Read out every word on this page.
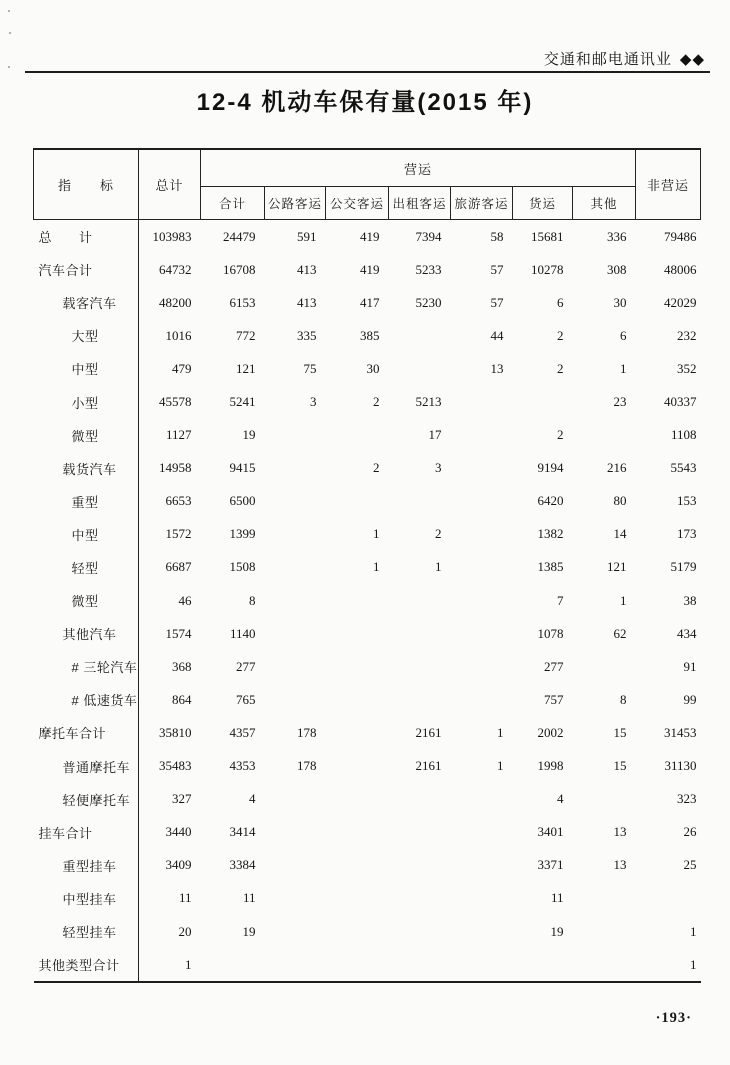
交通和邮电通讯业 ◆◆
12-4 机动车保有量(2015 年)
指　　标	总计	营运							非营运
		合计	公路客运	公交客运	出租客运	旅游客运	货运	其他	
总　　计	103983	24479	591	419	7394	58	15681	336	79486
汽车合计	64732	16708	413	419	5233	57	10278	308	48006
载客汽车	48200	6153	413	417	5230	57	6	30	42029
大型	1016	772	335	385		44	2	6	232
中型	479	121	75	30		13	2	1	352
小型	45578	5241	3	2	5213			23	40337
微型	1127	19			17		2		1108
载货汽车	14958	9415		2	3		9194	216	5543
重型	6653	6500					6420	80	153
中型	1572	1399		1	2		1382	14	173
轻型	6687	1508		1	1		1385	121	5179
微型	46	8					7	1	38
其他汽车	1574	1140					1078	62	434
# 三轮汽车	368	277					277		91
# 低速货车	864	765					757	8	99
摩托车合计	35810	4357	178		2161	1	2002	15	31453
普通摩托车	35483	4353	178		2161	1	1998	15	31130
轻便摩托车	327	4					4		323
挂车合计	3440	3414					3401	13	26
重型挂车	3409	3384					3371	13	25
中型挂车	11	11					11		
轻型挂车	20	19					19		1
其他类型合计	1								1
·193·
